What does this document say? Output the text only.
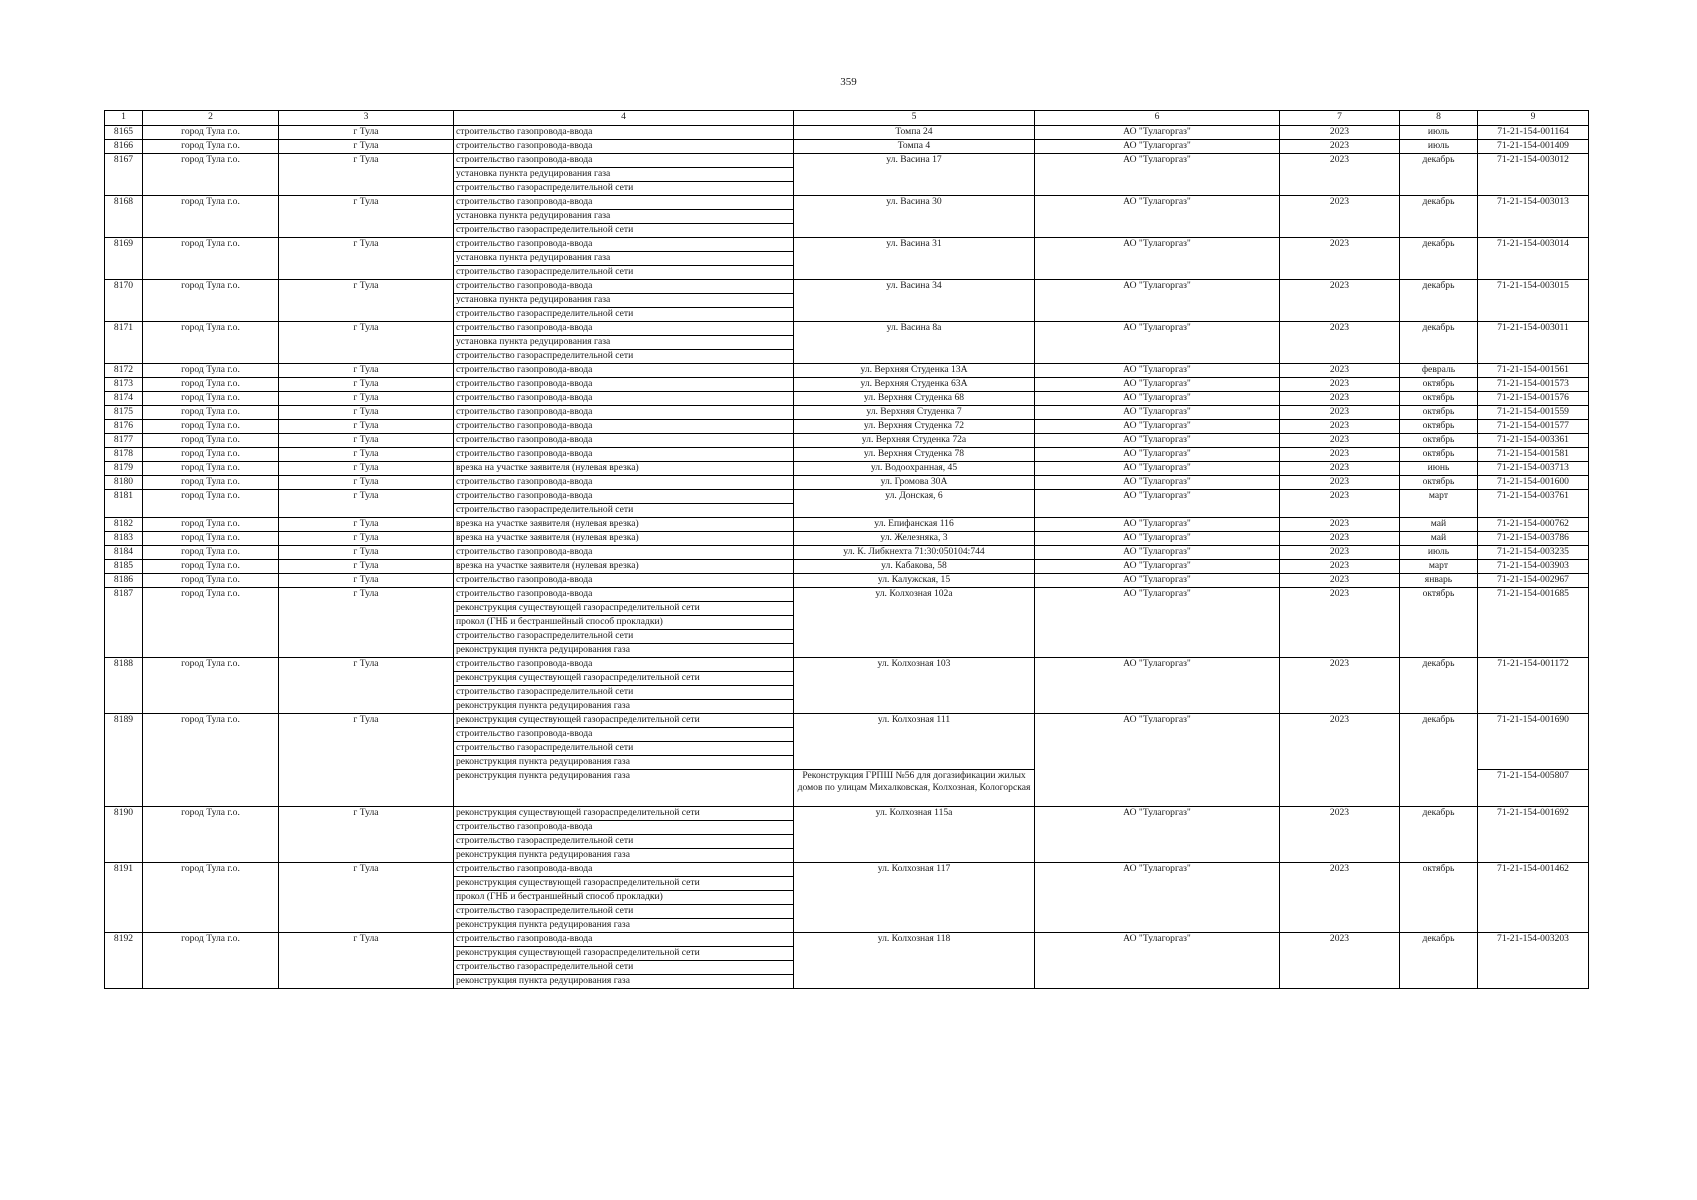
359
1	2	3	4	5	6	7	8	9
8165	город Тула г.о.	г Тула	строительство газопровода-ввода	Томпа 24	АО "Тулагоргаз"	2023	июль	71-21-154-001164
8166	город Тула г.о.	г Тула	строительство газопровода-ввода	Томпа 4	АО "Тулагоргаз"	2023	июль	71-21-154-001409
8167	город Тула г.о.	г Тула	строительство газопровода-ввода	ул. Васина 17	АО "Тулагоргаз"	2023	декабрь	71-21-154-003012
			установка пункта редуцирования газа					
			строительство газораспределительной сети					
8168	город Тула г.о.	г Тула	строительство газопровода-ввода	ул. Васина 30	АО "Тулагоргаз"	2023	декабрь	71-21-154-003013
			установка пункта редуцирования газа					
			строительство газораспределительной сети					
8169	город Тула г.о.	г Тула	строительство газопровода-ввода	ул. Васина 31	АО "Тулагоргаз"	2023	декабрь	71-21-154-003014
			установка пункта редуцирования газа					
			строительство газораспределительной сети					
8170	город Тула г.о.	г Тула	строительство газопровода-ввода	ул. Васина 34	АО "Тулагоргаз"	2023	декабрь	71-21-154-003015
			установка пункта редуцирования газа					
			строительство газораспределительной сети					
8171	город Тула г.о.	г Тула	строительство газопровода-ввода	ул. Васина 8а	АО "Тулагоргаз"	2023	декабрь	71-21-154-003011
			установка пункта редуцирования газа					
			строительство газораспределительной сети					
8172	город Тула г.о.	г Тула	строительство газопровода-ввода	ул. Верхняя Студенка 13А	АО "Тулагоргаз"	2023	февраль	71-21-154-001561
8173	город Тула г.о.	г Тула	строительство газопровода-ввода	ул. Верхняя Студенка 63А	АО "Тулагоргаз"	2023	октябрь	71-21-154-001573
8174	город Тула г.о.	г Тула	строительство газопровода-ввода	ул. Верхняя Студенка 68	АО "Тулагоргаз"	2023	октябрь	71-21-154-001576
8175	город Тула г.о.	г Тула	строительство газопровода-ввода	ул. Верхняя Студенка 7	АО "Тулагоргаз"	2023	октябрь	71-21-154-001559
8176	город Тула г.о.	г Тула	строительство газопровода-ввода	ул. Верхняя Студенка 72	АО "Тулагоргаз"	2023	октябрь	71-21-154-001577
8177	город Тула г.о.	г Тула	строительство газопровода-ввода	ул. Верхняя Студенка 72а	АО "Тулагоргаз"	2023	октябрь	71-21-154-003361
8178	город Тула г.о.	г Тула	строительство газопровода-ввода	ул. Верхняя Студенка 78	АО "Тулагоргаз"	2023	октябрь	71-21-154-001581
8179	город Тула г.о.	г Тула	врезка на участке заявителя (нулевая врезка)	ул. Водоохранная, 45	АО "Тулагоргаз"	2023	июнь	71-21-154-003713
8180	город Тула г.о.	г Тула	строительство газопровода-ввода	ул. Громова 30А	АО "Тулагоргаз"	2023	октябрь	71-21-154-001600
8181	город Тула г.о.	г Тула	строительство газопровода-ввода	ул. Донская, 6	АО "Тулагоргаз"	2023	март	71-21-154-003761
			строительство газораспределительной сети					
8182	город Тула г.о.	г Тула	врезка на участке заявителя (нулевая врезка)	ул. Епифанская 116	АО "Тулагоргаз"	2023	май	71-21-154-000762
8183	город Тула г.о.	г Тула	врезка на участке заявителя (нулевая врезка)	ул. Железняка, 3	АО "Тулагоргаз"	2023	май	71-21-154-003786
8184	город Тула г.о.	г Тула	строительство газопровода-ввода	ул. К. Либкнехта 71:30:050104:744	АО "Тулагоргаз"	2023	июль	71-21-154-003235
8185	город Тула г.о.	г Тула	врезка на участке заявителя (нулевая врезка)	ул. Кабакова, 58	АО "Тулагоргаз"	2023	март	71-21-154-003903
8186	город Тула г.о.	г Тула	строительство газопровода-ввода	ул. Калужская, 15	АО "Тулагоргаз"	2023	январь	71-21-154-002967
8187	город Тула г.о.	г Тула	строительство газопровода-ввода	ул. Колхозная 102а	АО "Тулагоргаз"	2023	октябрь	71-21-154-001685
			реконструкция существующей газораспределительной сети					
			прокол (ГНБ и бестраншейный способ прокладки)					
			строительство газораспределительной сети					
			реконструкция пункта редуцирования газа					
8188	город Тула г.о.	г Тула	строительство газопровода-ввода	ул. Колхозная 103	АО "Тулагоргаз"	2023	декабрь	71-21-154-001172
			реконструкция существующей газораспределительной сети					
			строительство газораспределительной сети					
			реконструкция пункта редуцирования газа					
8189	город Тула г.о.	г Тула	реконструкция существующей газораспределительной сети	ул. Колхозная 111	АО "Тулагоргаз"	2023	декабрь	71-21-154-001690
			строительство газопровода-ввода					
			строительство газораспределительной сети					
			реконструкция пункта редуцирования газа					
			реконструкция пункта редуцирования газа	Реконструкция ГРПШ №56 для догазификации жилых домов по улицам Михалковская, Колхозная, Кологорская				71-21-154-005807
8190	город Тула г.о.	г Тула	реконструкция существующей газораспределительной сети	ул. Колхозная 115а	АО "Тулагоргаз"	2023	декабрь	71-21-154-001692
			строительство газопровода-ввода					
			строительство газораспределительной сети					
			реконструкция пункта редуцирования газа					
8191	город Тула г.о.	г Тула	строительство газопровода-ввода	ул. Колхозная 117	АО "Тулагоргаз"	2023	октябрь	71-21-154-001462
			реконструкция существующей газораспределительной сети					
			прокол (ГНБ и бестраншейный способ прокладки)					
			строительство газораспределительной сети					
			реконструкция пункта редуцирования газа					
8192	город Тула г.о.	г Тула	строительство газопровода-ввода	ул. Колхозная 118	АО "Тулагоргаз"	2023	декабрь	71-21-154-003203
			реконструкция существующей газораспределительной сети					
			строительство газораспределительной сети					
			реконструкция пункта редуцирования газа					
